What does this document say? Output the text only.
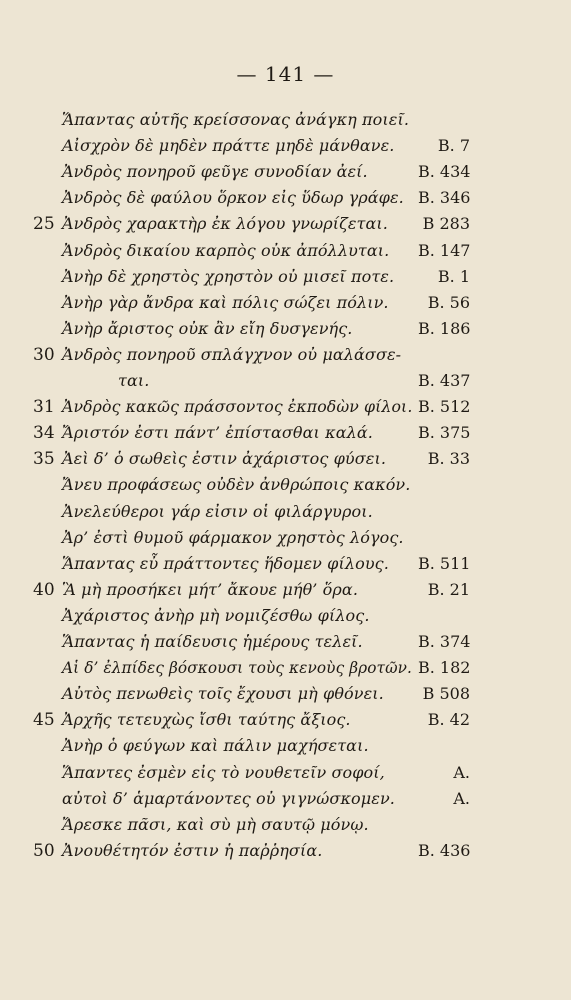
— 141 —
Ἅπαντας αὐτῆς κρείσσονας ἀνάγκη ποιεῖ.
Αἰσχρὸν δὲ μηδὲν πράττε μηδὲ μάνθανε.	B. 7
Ἀνδρὸς πονηροῦ φεῦγε συνοδίαν ἀεί.	B. 434
Ἀνδρὸς δὲ φαύλου ὅρκον εἰς ὕδωρ γράφε. B. 346
25 Ἀνδρὸς χαρακτὴρ ἐκ λόγου γνωρίζεται. B 283
Ἀνδρὸς δικαίου καρπὸς οὐκ ἀπόλλυται. B. 147
Ἀνὴρ δὲ χρηστὸς χρηστὸν οὐ μισεῖ ποτε.	B. 1
Ἀνὴρ γὰρ ἄνδρα καὶ πόλις σώζει πόλιν.	B. 56
Ἀνὴρ ἄριστος οὐκ ἂν εἴη δυσγενής.	B. 186
30 Ἀνδρὸς πονηροῦ σπλάγχνον οὐ μαλάσσε-
ται.	B. 437
31 Ἀνδρὸς κακῶς πράσσοντος ἐκποδὼν φίλοι. B. 512
34 Ἄριστόν ἐστι πάντ’ ἐπίστασθαι καλά.	B. 375
35 Ἀεὶ δ’ ὁ σωθεὶς ἐστιν ἀχάριστος φύσει.	B. 33
Ἄνευ προφάσεως οὐδὲν ἀνθρώποις κακόν.
Ἀνελεύθεροι γάρ εἰσιν οἱ φιλάργυροι.
Ἀρ’ ἐστὶ θυμοῦ φάρμακον χρηστὸς λόγος.
Ἅπαντας εὖ πράττοντες ἥδομεν φίλους. B. 511
40 Ἃ μὴ προσήκει μήτ’ ἄκουε μήθ’ ὅρα.	B. 21
Ἀχάριστος ἀνὴρ μὴ νομιζέσθω φίλος.
Ἅπαντας ἡ παίδευσις ἡμέρους τελεῖ.	B. 374
Αἱ δ’ ἐλπίδες βόσκουσι τοὺς κενοὺς βροτῶν. B. 182
Αὐτὸς πενωθεὶς τοῖς ἔχουσι μὴ φθόνει. B 508
45 Ἀρχῆς τετευχὼς ἴσθι ταύτης ἄξιος.	B. 42
Ἀνὴρ ὁ φεύγων καὶ πάλιν μαχήσεται.
Ἅπαντες ἐσμὲν εἰς τὸ νουθετεῖν σοφοί,	A.
αὐτοὶ δ’ ἁμαρτάνοντες οὐ γιγνώσκομεν.	A.
Ἄρεσκε πᾶσι, καὶ σὺ μὴ σαυτῷ μόνῳ.
50 Ἀνουθέτητόν ἐστιν ἡ παῤῥησία.	B. 436
